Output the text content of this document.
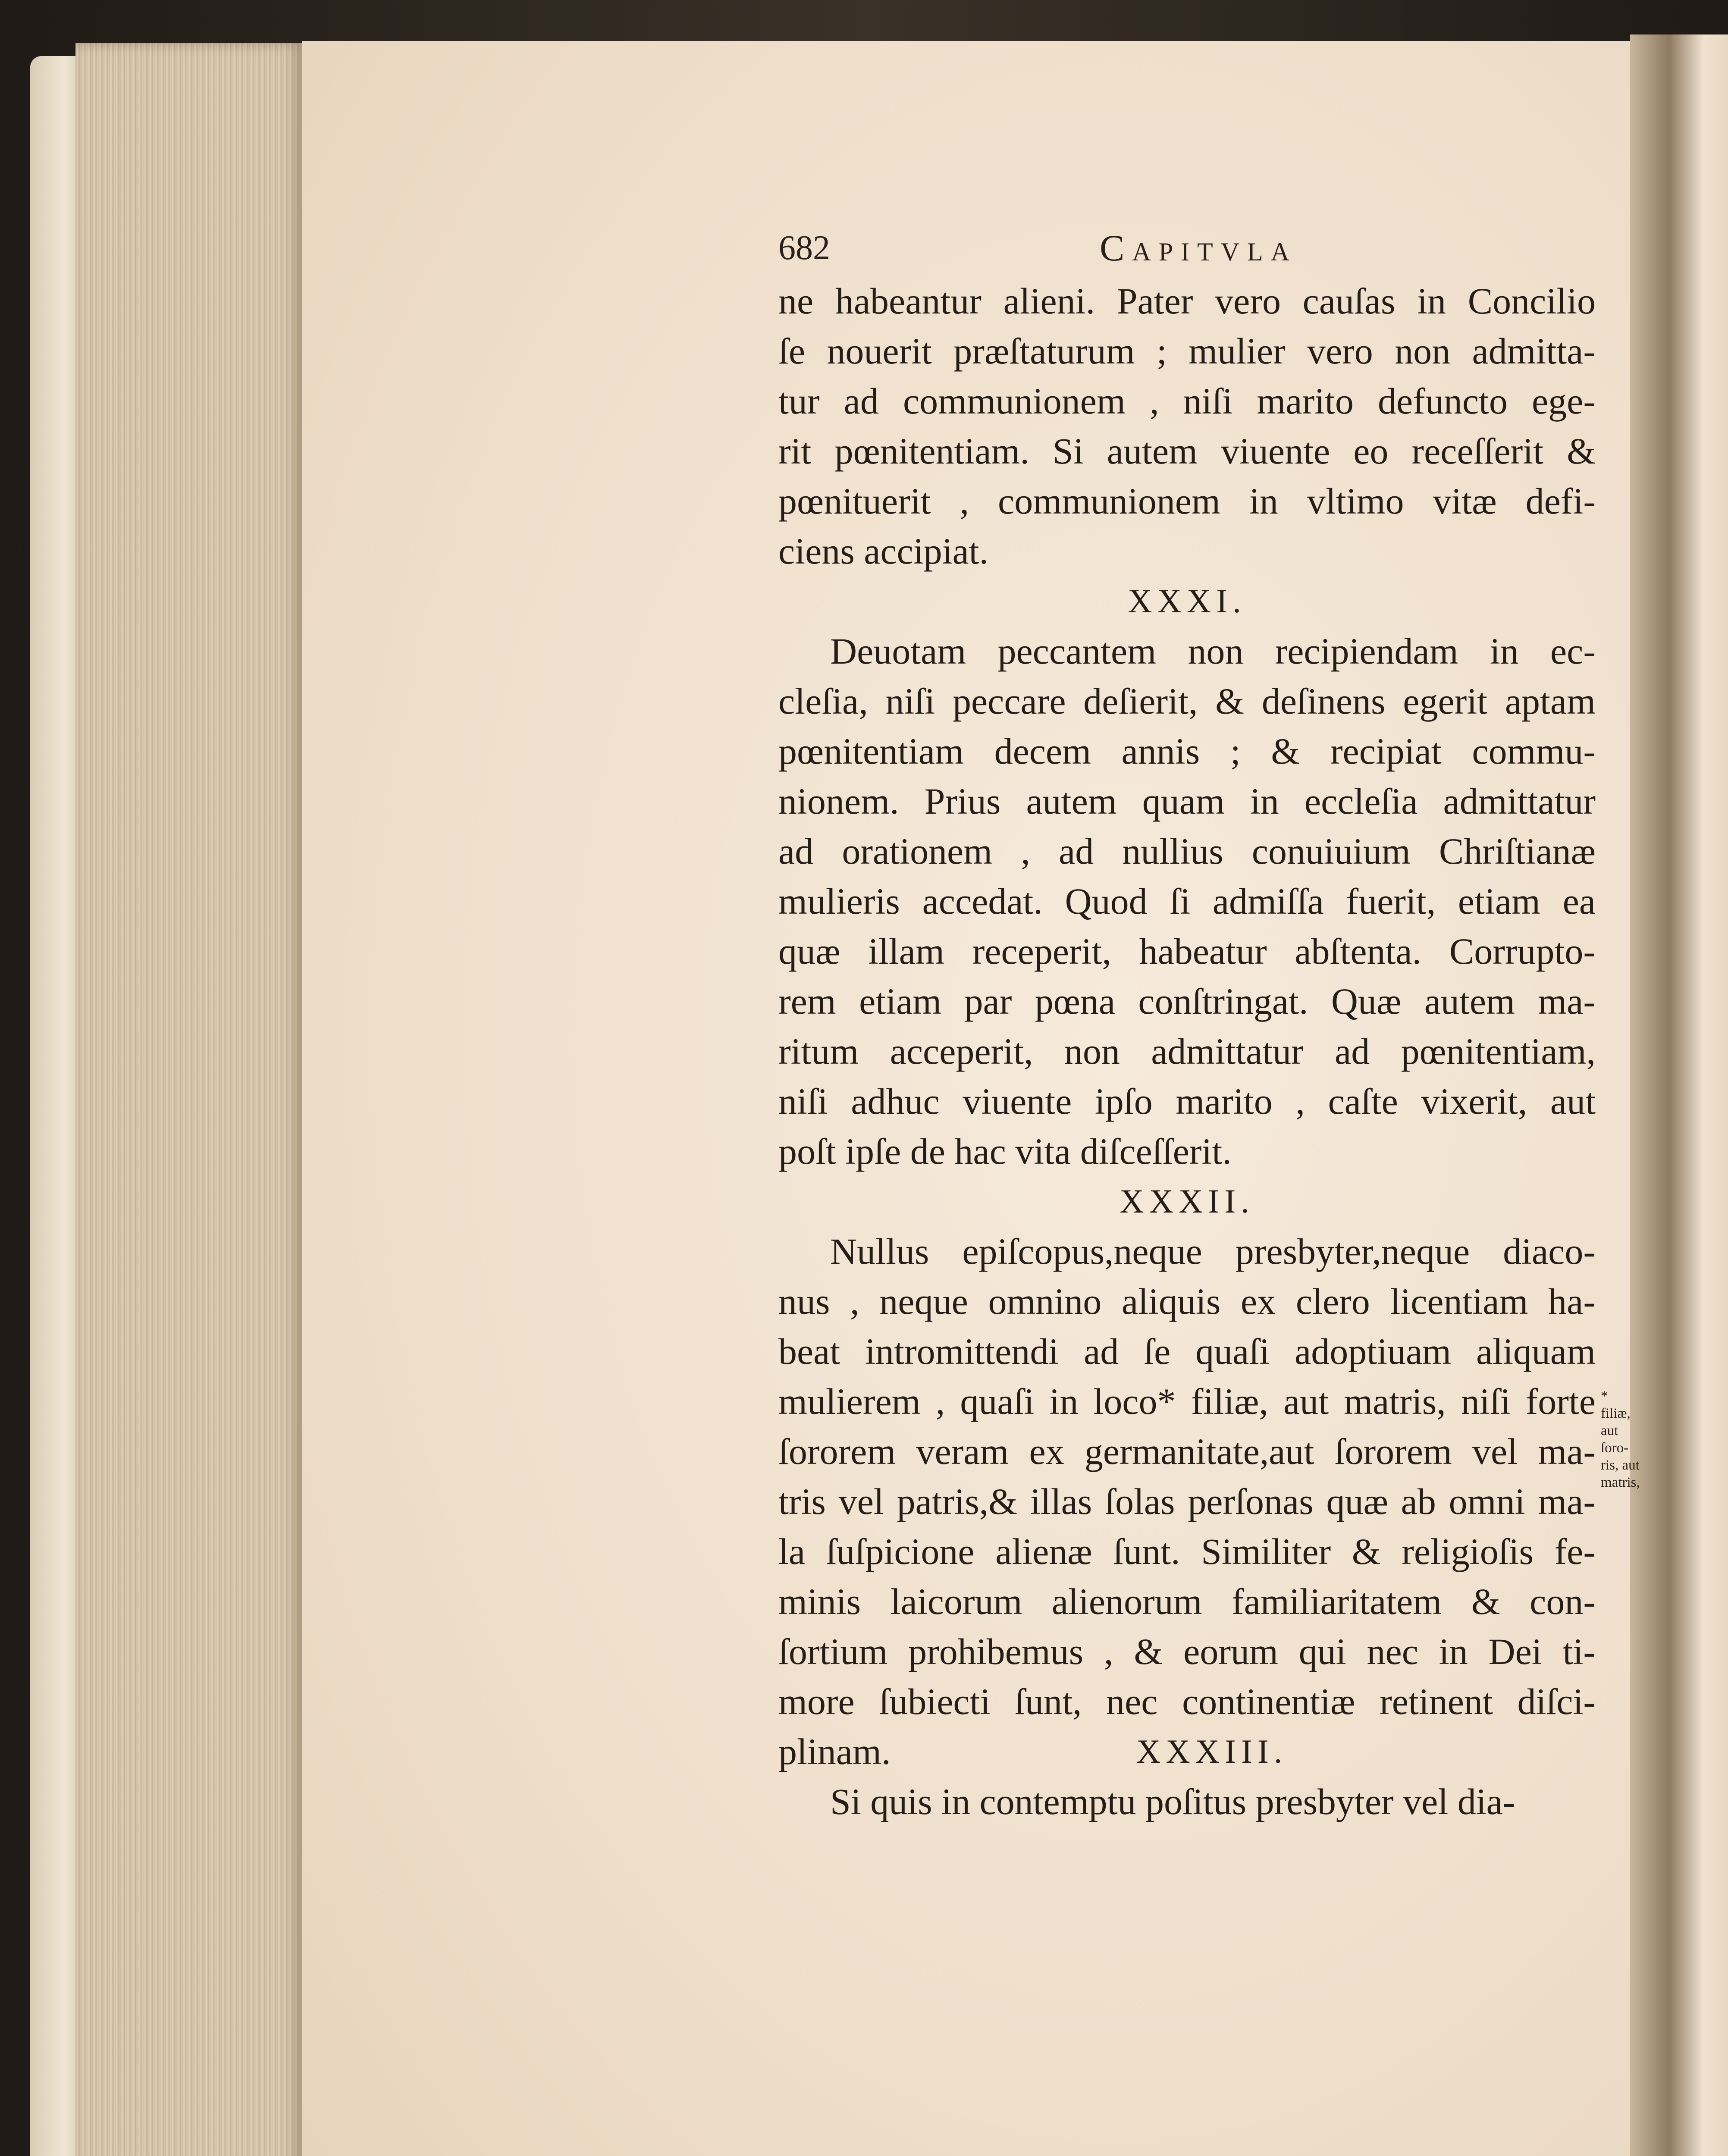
682	Capitvla
ne habeantur alieni. Pater vero cauſas in Concilio
ſe nouerit præſtaturum ; mulier vero non admitta-
tur ad communionem , niſi marito defuncto ege-
rit pœnitentiam. Si autem viuente eo receſſerit &
pœnituerit , communionem in vltimo vitæ defi-
ciens accipiat.
XXXI.
Deuotam peccantem non recipiendam in ec-
cleſia, niſi peccare deſierit, & deſinens egerit aptam
pœnitentiam decem annis ; & recipiat commu-
nionem. Prius autem quam in eccleſia admittatur
ad orationem , ad nullius conuiuium Chriſtianæ
mulieris accedat. Quod ſi admiſſa fuerit, etiam ea
quæ illam receperit, habeatur abſtenta. Corrupto-
rem etiam par pœna conſtringat. Quæ autem ma-
ritum acceperit, non admittatur ad pœnitentiam,
niſi adhuc viuente ipſo marito , caſte vixerit, aut
poſt ipſe de hac vita diſceſſerit.
XXXII.
Nullus epiſcopus,neque presbyter,neque diaco-
nus , neque omnino aliquis ex clero licentiam ha-
beat intromittendi ad ſe quaſi adoptiuam aliquam
mulierem , quaſi in loco* filiæ, aut matris, niſi forte
ſororem veram ex germanitate,aut ſororem vel ma-
tris vel patris,& illas ſolas perſonas quæ ab omni ma-
la ſuſpicione alienæ ſunt. Similiter & religioſis fe-
minis laicorum alienorum familiaritatem & con-
ſortium prohibemus , & eorum qui nec in Dei ti-
more ſubiecti ſunt, nec continentiæ retinent diſci-
plinam.	XXXIII.
Si quis in contemptu poſitus presbyter vel dia-
* filiæ,
aut ſoro-
ris, aut
matris,
